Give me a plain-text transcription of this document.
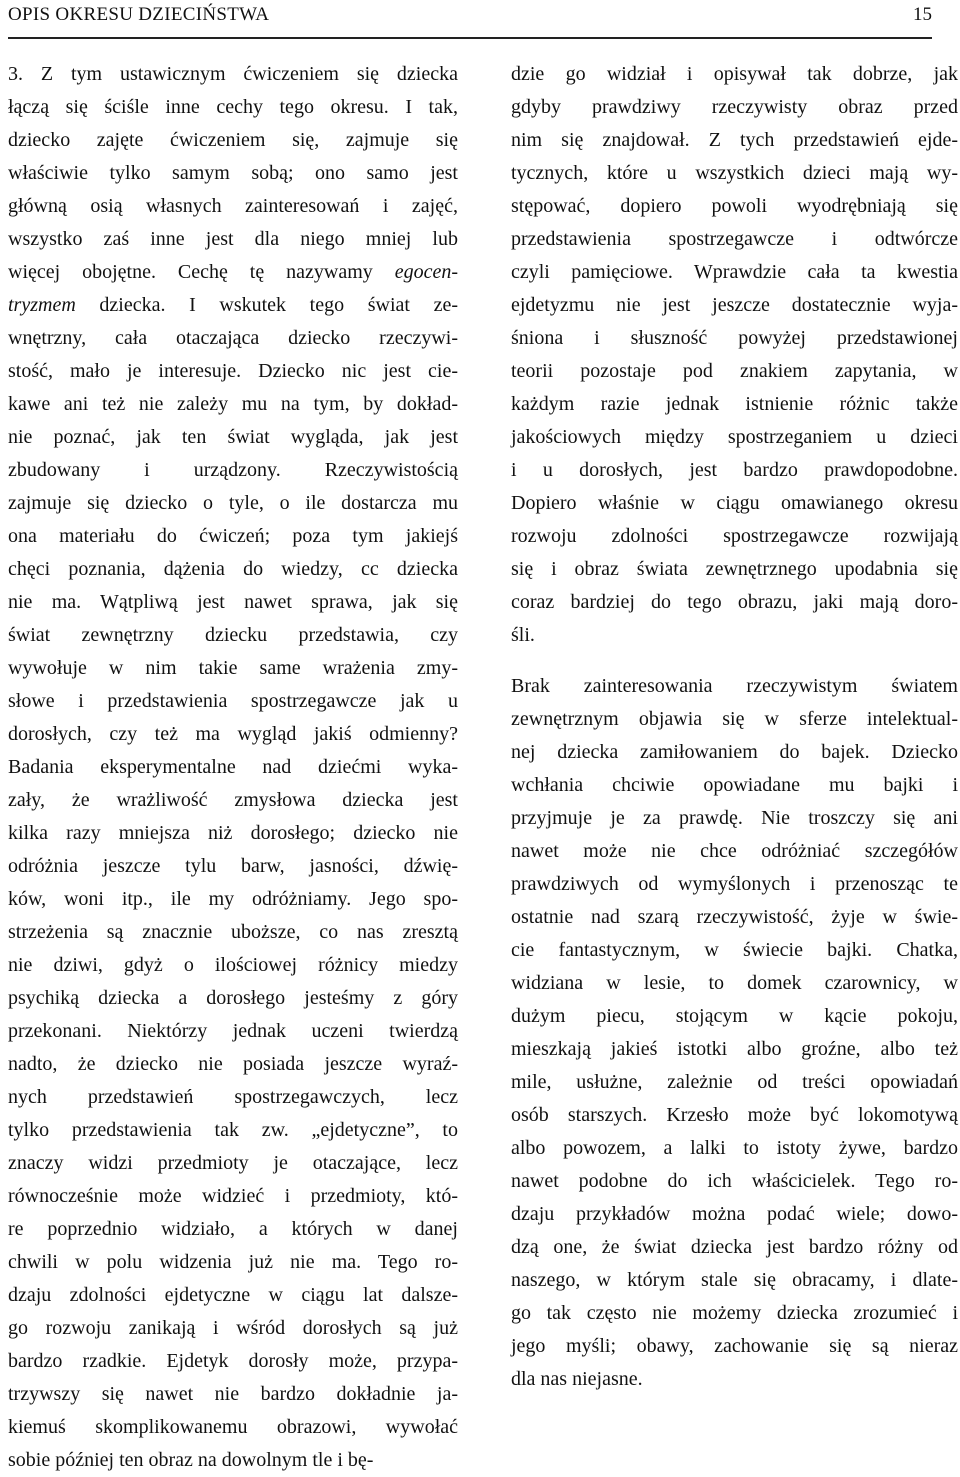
OPIS OKRESU DZIECIŃSTWA	15
3. Z tym ustawicznym ćwiczeniem się dziecka
łączą się ściśle inne cechy tego okresu. I tak,
dziecko zajęte ćwiczeniem się, zajmuje się
właściwie tylko samym sobą; ono samo jest
główną osią własnych zainteresowań i zajęć,
wszystko zaś inne jest dla niego mniej lub
więcej obojętne. Cechę tę nazywamy egocen-
tryzmem dziecka. I wskutek tego świat ze-
wnętrzny, cała otaczająca dziecko rzeczywi-
stość, mało je interesuje. Dziecko nic jest cie-
kawe ani też nie zależy mu na tym, by dokład-
nie poznać, jak ten świat wygląda, jak jest
zbudowany i urządzony. Rzeczywistością
zajmuje się dziecko o tyle, o ile dostarcza mu
ona materiału do ćwiczeń; poza tym jakiejś
chęci poznania, dążenia do wiedzy, cc dziecka
nie ma. Wątpliwą jest nawet sprawa, jak się
świat zewnętrzny dziecku przedstawia, czy
wywołuje w nim takie same wrażenia zmy-
słowe i przedstawienia spostrzegawcze jak u
dorosłych, czy też ma wygląd jakiś odmienny?
Badania eksperymentalne nad dziećmi wyka-
zały, że wrażliwość zmysłowa dziecka jest
kilka razy mniejsza niż dorosłego; dziecko nie
odróżnia jeszcze tylu barw, jasności, dźwię-
ków, woni itp., ile my odróżniamy. Jego spo-
strzeżenia są znacznie uboższe, co nas zresztą
nie dziwi, gdyż o ilościowej różnicy miedzy
psychiką dziecka a dorosłego jesteśmy z góry
przekonani. Niektórzy jednak uczeni twierdzą
nadto, że dziecko nie posiada jeszcze wyraź-
nych przedstawień spostrzegawczych, lecz
tylko przedstawienia tak zw. „ejdetyczne”, to
znaczy widzi przedmioty je otaczające, lecz
równocześnie może widzieć i przedmioty, któ-
re poprzednio widziało, a których w danej
chwili w polu widzenia już nie ma. Tego ro-
dzaju zdolności ejdetyczne w ciągu lat dalsze-
go rozwoju zanikają i wśród dorosłych są już
bardzo rzadkie. Ejdetyk dorosły może, przypa-
trzywszy się nawet nie bardzo dokładnie ja-
kiemuś skomplikowanemu obrazowi, wywołać
sobie później ten obraz na dowolnym tle i bę-
dzie go widział i opisywał tak dobrze, jak
gdyby prawdziwy rzeczywisty obraz przed
nim się znajdował. Z tych przedstawień ejde-
tycznych, które u wszystkich dzieci mają wy-
stępować, dopiero powoli wyodrębniają się
przedstawienia spostrzegawcze i odtwórcze
czyli pamięciowe. Wprawdzie cała ta kwestia
ejdetyzmu nie jest jeszcze dostatecznie wyja-
śniona i słuszność powyżej przedstawionej
teorii pozostaje pod znakiem zapytania, w
każdym razie jednak istnienie różnic także
jakościowych między spostrzeganiem u dzieci
i u dorosłych, jest bardzo prawdopodobne.
Dopiero właśnie w ciągu omawianego okresu
rozwoju zdolności spostrzegawcze rozwijają
się i obraz świata zewnętrznego upodabnia się
coraz bardziej do tego obrazu, jaki mają doro-
śli.
Brak zainteresowania rzeczywistym światem
zewnętrznym objawia się w sferze intelektual-
nej dziecka zamiłowaniem do bajek. Dziecko
wchłania chciwie opowiadane mu bajki i
przyjmuje je za prawdę. Nie troszczy się ani
nawet może nie chce odróżniać szczegółów
prawdziwych od wymyślonych i przenosząc te
ostatnie nad szarą rzeczywistość, żyje w świe-
cie fantastycznym, w świecie bajki. Chatka,
widziana w lesie, to domek czarownicy, w
dużym piecu, stojącym w kącie pokoju,
mieszkają jakieś istotki albo groźne, albo też
mile, usłużne, zależnie od treści opowiadań
osób starszych. Krzesło może być lokomotywą
albo powozem, a lalki to istoty żywe, bardzo
nawet podobne do ich właścicielek. Tego ro-
dzaju przykładów można podać wiele; dowo-
dzą one, że świat dziecka jest bardzo różny od
naszego, w którym stale się obracamy, i dlate-
go tak często nie możemy dziecka zrozumieć i
jego myśli; obawy, zachowanie się są nieraz
dla nas niejasne.
